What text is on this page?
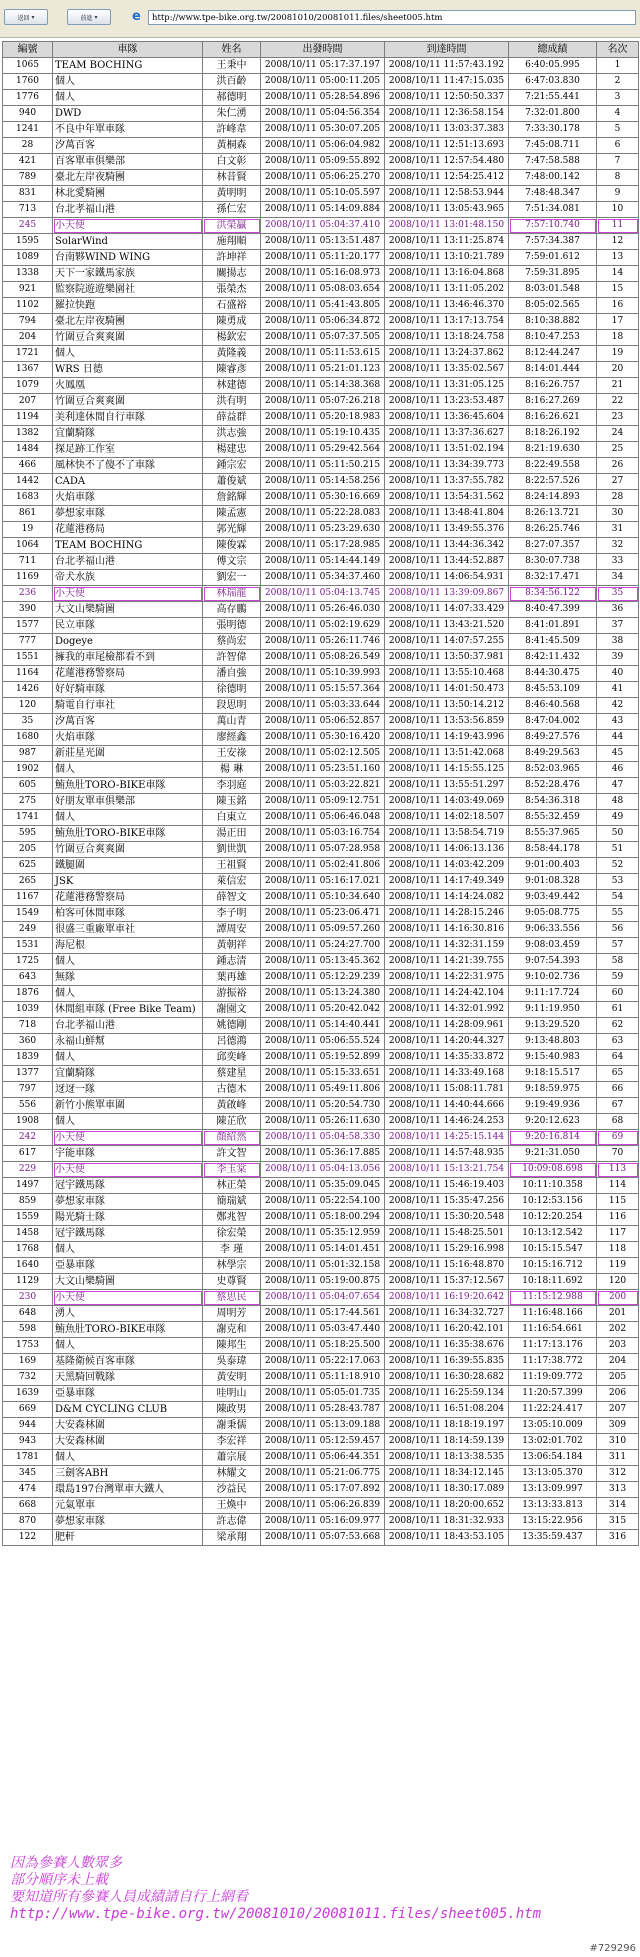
返回 ▾	前進 ▾	e	http://www.tpe-bike.org.tw/20081010/20081011.files/sheet005.htm
編號	車隊	姓名	出發時間	到達時間	總成績	名次
1065	TEAM BOCHING	王秉中	2008/10/11 05:17:37.197	2008/10/11 11:57:43.192	6:40:05.995	1
1760	個人	洪百齡	2008/10/11 05:00:11.205	2008/10/11 11:47:15.035	6:47:03.830	2
1776	個人	郝德明	2008/10/11 05:28:54.896	2008/10/11 12:50:50.337	7:21:55.441	3
940	DWD	朱仁湧	2008/10/11 05:04:56.354	2008/10/11 12:36:58.154	7:32:01.800	4
1241	不良中年單車隊	許峰韋	2008/10/11 05:30:07.205	2008/10/11 13:03:37.383	7:33:30.178	5
28	汐萬百客	黃桐森	2008/10/11 05:06:04.982	2008/10/11 12:51:13.693	7:45:08.711	6
421	百客單車俱樂部	白文彰	2008/10/11 05:09:55.892	2008/10/11 12:57:54.480	7:47:58.588	7
789	臺北左岸夜騎團	林昔賢	2008/10/11 05:06:25.270	2008/10/11 12:54:25.412	7:48:00.142	8
831	林北愛騎團	黃明明	2008/10/11 05:10:05.597	2008/10/11 12:58:53.944	7:48:48.347	9
713	台北孝福山港	孫仁宏	2008/10/11 05:14:09.884	2008/10/11 13:05:43.965	7:51:34.081	10
245	小天使	洪榮贏	2008/10/11 05:04:37.410	2008/10/11 13:01:48.150	7:57:10.740	11
1595	SolarWind	施翔順	2008/10/11 05:13:51.487	2008/10/11 13:11:25.874	7:57:34.387	12
1089	台南夥WIND WING	許坤祥	2008/10/11 05:11:20.177	2008/10/11 13:10:21.789	7:59:01.612	13
1338	天下一家鐵馬家族	關揚志	2008/10/11 05:16:08.973	2008/10/11 13:16:04.868	7:59:31.895	14
921	監察院遊遊樂園社	張榮杰	2008/10/11 05:08:03.654	2008/10/11 13:11:05.202	8:03:01.548	15
1102	羅拉快跑	石盛裕	2008/10/11 05:41:43.805	2008/10/11 13:46:46.370	8:05:02.565	16
794	臺北左岸夜騎團	陳勇成	2008/10/11 05:06:34.872	2008/10/11 13:17:13.754	8:10:38.882	17
204	竹圍豆合爽爽圍	楊欽宏	2008/10/11 05:07:37.505	2008/10/11 13:18:24.758	8:10:47.253	18
1721	個人	黃隆義	2008/10/11 05:11:53.615	2008/10/11 13:24:37.862	8:12:44.247	19
1367	WRS 日德	陳睿彥	2008/10/11 05:21:01.123	2008/10/11 13:35:02.567	8:14:01.444	20
1079	火鳳凰	林建德	2008/10/11 05:14:38.368	2008/10/11 13:31:05.125	8:16:26.757	21
207	竹圍豆合爽爽圍	洪有明	2008/10/11 05:07:26.218	2008/10/11 13:23:53.487	8:16:27.269	22
1194	美利達休閒自行車隊	薛益群	2008/10/11 05:20:18.983	2008/10/11 13:36:45.604	8:16:26.621	23
1382	宜蘭騎隊	洪志強	2008/10/11 05:19:10.435	2008/10/11 13:37:36.627	8:18:26.192	24
1484	探足跡工作室	楊建忠	2008/10/11 05:29:42.564	2008/10/11 13:51:02.194	8:21:19.630	25
466	風林快不了傻不了車隊	鍾宗宏	2008/10/11 05:11:50.215	2008/10/11 13:34:39.773	8:22:49.558	26
1442	CADA	蕭俊斌	2008/10/11 05:14:58.256	2008/10/11 13:37:55.782	8:22:57.526	27
1683	火焰車隊	詹銘輝	2008/10/11 05:30:16.669	2008/10/11 13:54:31.562	8:24:14.893	28
861	夢想家車隊	陳孟憲	2008/10/11 05:22:28.083	2008/10/11 13:48:41.804	8:26:13.721	30
19	花蓮港務局	郭光輝	2008/10/11 05:23:29.630	2008/10/11 13:49:55.376	8:26:25.746	31
1064	TEAM BOCHING	陳俊霖	2008/10/11 05:17:28.985	2008/10/11 13:44:36.342	8:27:07.357	32
711	台北孝福山港	傅文宗	2008/10/11 05:14:44.149	2008/10/11 13:44:52.887	8:30:07.738	33
1169	帝犬水族	劉宏一	2008/10/11 05:34:37.460	2008/10/11 14:06:54.931	8:32:17.471	34
236	小天使	林瑞龍	2008/10/11 05:04:13.745	2008/10/11 13:39:09.867	8:34:56.122	35
390	大文山樂騎圖	高存鵬	2008/10/11 05:26:46.030	2008/10/11 14:07:33.429	8:40:47.399	36
1577	民立車隊	張明德	2008/10/11 05:02:19.629	2008/10/11 13:43:21.520	8:41:01.891	37
777	Dogeye	蔡尚宏	2008/10/11 05:26:11.746	2008/10/11 14:07:57.255	8:41:45.509	38
1551	擁我的車尾檢都看不到	許智偉	2008/10/11 05:08:26.549	2008/10/11 13:50:37.981	8:42:11.432	39
1164	花蓮港務警察局	潘自強	2008/10/11 05:10:39.993	2008/10/11 13:55:10.468	8:44:30.475	40
1426	好好騎車隊	徐德明	2008/10/11 05:15:57.364	2008/10/11 14:01:50.473	8:45:53.109	41
120	騎電自行車社	段思明	2008/10/11 05:03:33.644	2008/10/11 13:50:14.212	8:46:40.568	42
35	汐萬百客	萬山青	2008/10/11 05:06:52.857	2008/10/11 13:53:56.859	8:47:04.002	43
1680	火焰車隊	廖經鑫	2008/10/11 05:30:16.420	2008/10/11 14:19:43.996	8:49:27.576	44
987	新莊星光圍	王安祿	2008/10/11 05:02:12.505	2008/10/11 13:51:42.068	8:49:29.563	45
1902	個人	楊 琳	2008/10/11 05:23:51.160	2008/10/11 14:15:55.125	8:52:03.965	46
605	鮪魚肚TORO-BIKE車隊	李羽庭	2008/10/11 05:03:22.821	2008/10/11 13:55:51.297	8:52:28.476	47
275	好朋友單車俱樂部	陳玉銘	2008/10/11 05:09:12.751	2008/10/11 14:03:49.069	8:54:36.318	48
1741	個人	白東立	2008/10/11 05:06:46.048	2008/10/11 14:02:18.507	8:55:32.459	49
595	鮪魚肚TORO-BIKE車隊	湯正田	2008/10/11 05:03:16.754	2008/10/11 13:58:54.719	8:55:37.965	50
205	竹圍豆合爽爽圍	劉世凱	2008/10/11 05:07:28.958	2008/10/11 14:06:13.136	8:58:44.178	51
625	鐵腿圍	王祖賢	2008/10/11 05:02:41.806	2008/10/11 14:03:42.209	9:01:00.403	52
265	JSK	萊信宏	2008/10/11 05:16:17.021	2008/10/11 14:17:49.349	9:01:08.328	53
1167	花蓮港務警察局	薛智文	2008/10/11 05:10:34.640	2008/10/11 14:14:24.082	9:03:49.442	54
1549	柏客可休閒車隊	李子明	2008/10/11 05:23:06.471	2008/10/11 14:28:15.246	9:05:08.775	55
249	很盛三重廠單車社	譚周安	2008/10/11 05:09:57.260	2008/10/11 14:16:30.816	9:06:33.556	56
1531	海尼根	黃朝祥	2008/10/11 05:24:27.700	2008/10/11 14:32:31.159	9:08:03.459	57
1725	個人	鍾志清	2008/10/11 05:13:45.362	2008/10/11 14:21:39.755	9:07:54.393	58
643	無隊	葉再雄	2008/10/11 05:12:29.239	2008/10/11 14:22:31.975	9:10:02.736	59
1876	個人	游振裕	2008/10/11 05:13:24.380	2008/10/11 14:24:42.104	9:11:17.724	60
1039	休閒組車隊 (Free Bike Team)	謝園文	2008/10/11 05:20:42.042	2008/10/11 14:32:01.992	9:11:19.950	61
718	台北孝福山港	姚德剛	2008/10/11 05:14:40.441	2008/10/11 14:28:09.961	9:13:29.520	62
360	永福山鮮幫	呂德鴻	2008/10/11 05:06:55.524	2008/10/11 14:20:44.327	9:13:48.803	63
1839	個人	邱奕峰	2008/10/11 05:19:52.899	2008/10/11 14:35:33.872	9:15:40.983	64
1377	宜蘭騎隊	蔡建星	2008/10/11 05:15:33.651	2008/10/11 14:33:49.168	9:18:15.517	65
797	迓迓一隊	古德木	2008/10/11 05:49:11.806	2008/10/11 15:08:11.781	9:18:59.975	66
556	新竹小熊單車圍	黃啟峰	2008/10/11 05:20:54.730	2008/10/11 14:40:44.666	9:19:49.936	67
1908	個人	陳芷欣	2008/10/11 05:26:11.630	2008/10/11 14:46:24.253	9:20:12.623	68
242	小天使	顏紹然	2008/10/11 05:04:58.330	2008/10/11 14:25:15.144	9:20:16.814	69
617	宇能車隊	許文智	2008/10/11 05:36:17.885	2008/10/11 14:57:48.935	9:21:31.050	70
229	小天使	李玉棠	2008/10/11 05:04:13.056	2008/10/11 15:13:21.754	10:09:08.698	113
1497	冠宇鐵馬隊	林正榮	2008/10/11 05:35:09.045	2008/10/11 15:46:19.403	10:11:10.358	114
859	夢想家車隊	簡瑞斌	2008/10/11 05:22:54.100	2008/10/11 15:35:47.256	10:12:53.156	115
1559	陽光騎士隊	鄭兆智	2008/10/11 05:18:00.294	2008/10/11 15:30:20.548	10:12:20.254	116
1458	冠宇鐵馬隊	徐宏榮	2008/10/11 05:35:12.959	2008/10/11 15:48:25.501	10:13:12.542	117
1768	個人	李 瑾	2008/10/11 05:14:01.451	2008/10/11 15:29:16.998	10:15:15.547	118
1640	亞暴車隊	林學宗	2008/10/11 05:01:32.158	2008/10/11 15:16:48.870	10:15:16.712	119
1129	大文山樂騎圖	史尊賢	2008/10/11 05:19:00.875	2008/10/11 15:37:12.567	10:18:11.692	120
230	小天使	蔡思民	2008/10/11 05:04:07.654	2008/10/11 16:19:20.642	11:15:12.988	200
648	湧人	周明芳	2008/10/11 05:17:44.561	2008/10/11 16:34:32.727	11:16:48.166	201
598	鮪魚肚TORO-BIKE車隊	謝克和	2008/10/11 05:03:47.440	2008/10/11 16:20:42.101	11:16:54.661	202
1753	個人	陳邦生	2008/10/11 05:18:25.500	2008/10/11 16:35:38.676	11:17:13.176	203
169	基隆衛候百客車隊	吳泰瑋	2008/10/11 05:22:17.063	2008/10/11 16:39:55.835	11:17:38.772	204
732	天黑騎回戰隊	黃安明	2008/10/11 05:11:18.910	2008/10/11 16:30:28.682	11:19:09.772	205
1639	亞暴車隊	哇明山	2008/10/11 05:05:01.735	2008/10/11 16:25:59.134	11:20:57.399	206
669	D&M CYCLING CLUB	陳政男	2008/10/11 05:28:43.787	2008/10/11 16:51:08.204	11:22:24.417	207
944	大安森林圍	謝秉儒	2008/10/11 05:13:09.188	2008/10/11 18:18:19.197	13:05:10.009	309
943	大安森林圍	李宏祥	2008/10/11 05:12:59.457	2008/10/11 18:14:59.139	13:02:01.702	310
1781	個人	蕭宗展	2008/10/11 05:06:44.351	2008/10/11 18:13:38.535	13:06:54.184	311
345	三劍客ABH	林耀文	2008/10/11 05:21:06.775	2008/10/11 18:34:12.145	13:13:05.370	312
474	環島197台灣單車大鐵人	沙益民	2008/10/11 05:17:07.892	2008/10/11 18:30:17.089	13:13:09.997	313
668	元氣單車	王煥中	2008/10/11 05:06:26.839	2008/10/11 18:20:00.652	13:13:33.813	314
870	夢想家車隊	許志偉	2008/10/11 05:16:09.977	2008/10/11 18:31:32.933	13:15:22.956	315
122	肥軒	梁承翔	2008/10/11 05:07:53.668	2008/10/11 18:43:53.105	13:35:59.437	316
因為參賽人數眾多
部分順序未上載
要知道所有參賽人員成績請自行上網看
http://www.tpe-bike.org.tw/20081010/20081011.files/sheet005.htm
#729296
